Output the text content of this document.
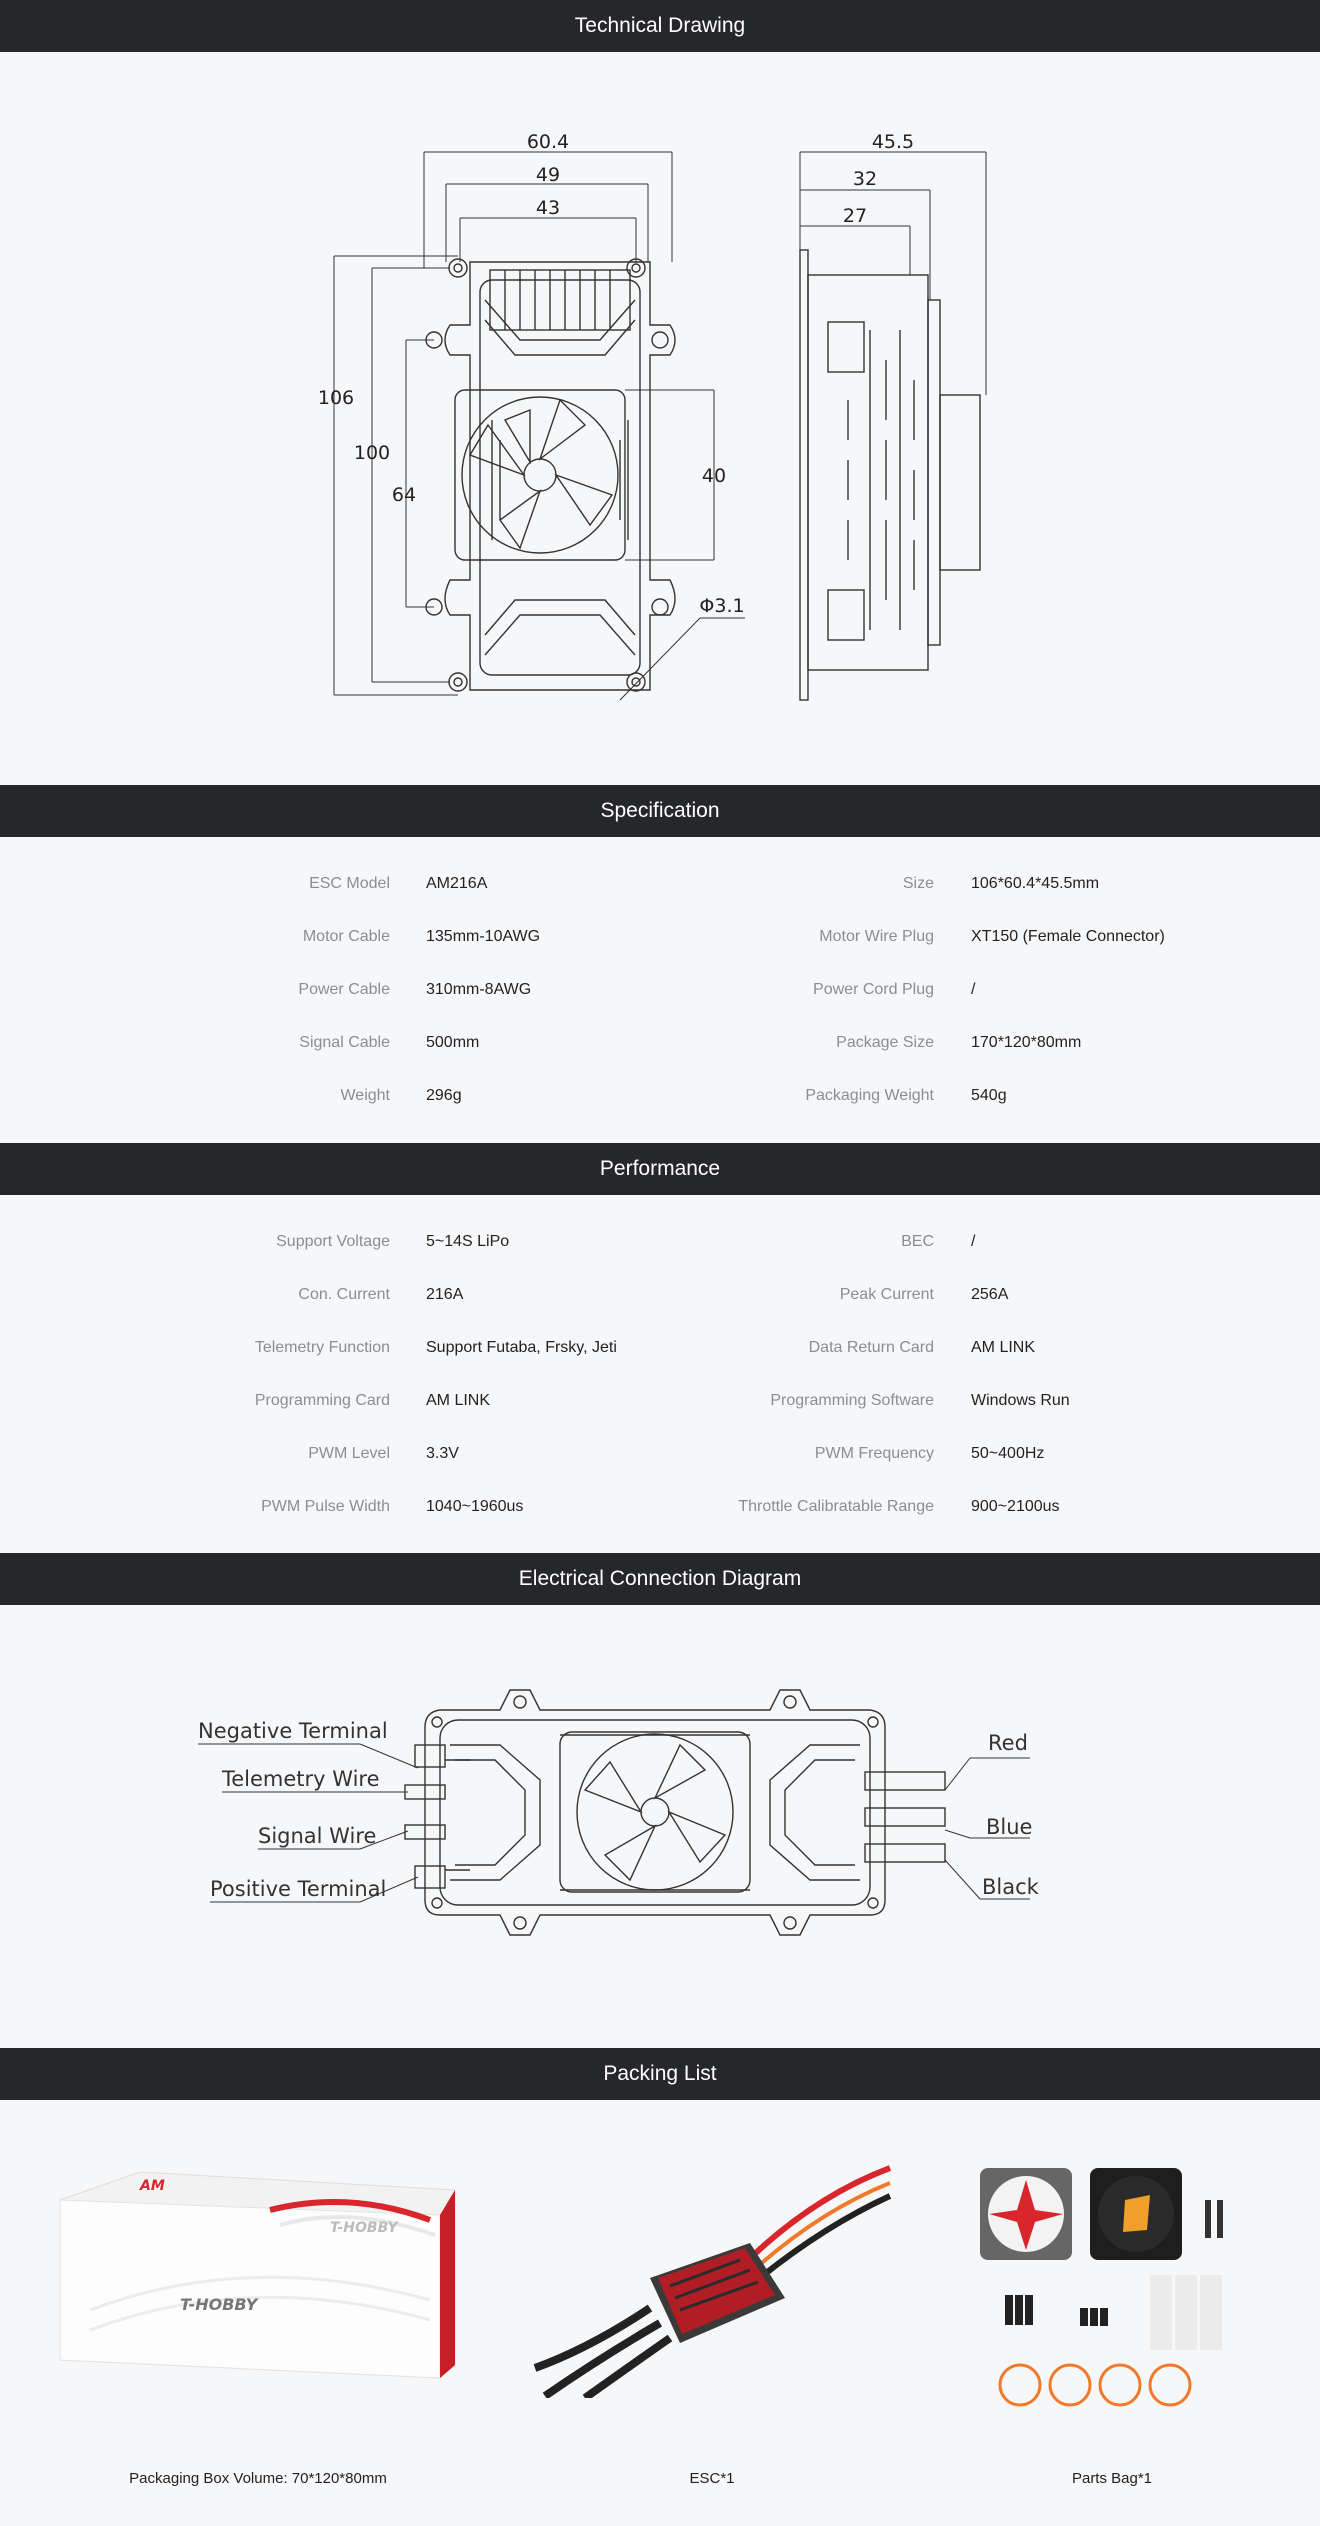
Technical Drawing
60.4
49
43
106
100
64
40
Φ3.1
45.5
32
27
Specification
ESC Model AM216A	Size 106*60.4*45.5mm
Motor Cable 135mm-10AWG	Motor Wire Plug XT150 (Female Connector)
Power Cable 310mm-8AWG	Power Cord Plug /
Signal Cable 500mm	Package Size 170*120*80mm
Weight 296g	Packaging Weight 540g
Performance
Support Voltage 5~14S LiPo	BEC /
Con. Current 216A	Peak Current 256A
Telemetry Function Support Futaba, Frsky, Jeti	Data Return Card AM LINK
Programming Card AM LINK	Programming Software Windows Run
PWM Level 3.3V	PWM Frequency 50~400Hz
PWM Pulse Width 1040~1960us	Throttle Calibratable Range 900~2100us
Electrical Connection Diagram
Negative Terminal
Telemetry Wire
Signal Wire
Positive Terminal
Red
Blue
Black
Packing List
AM
T-HOBBY
T-HOBBY
Packaging Box Volume: 70*120*80mm	ESC*1	Parts Bag*1
